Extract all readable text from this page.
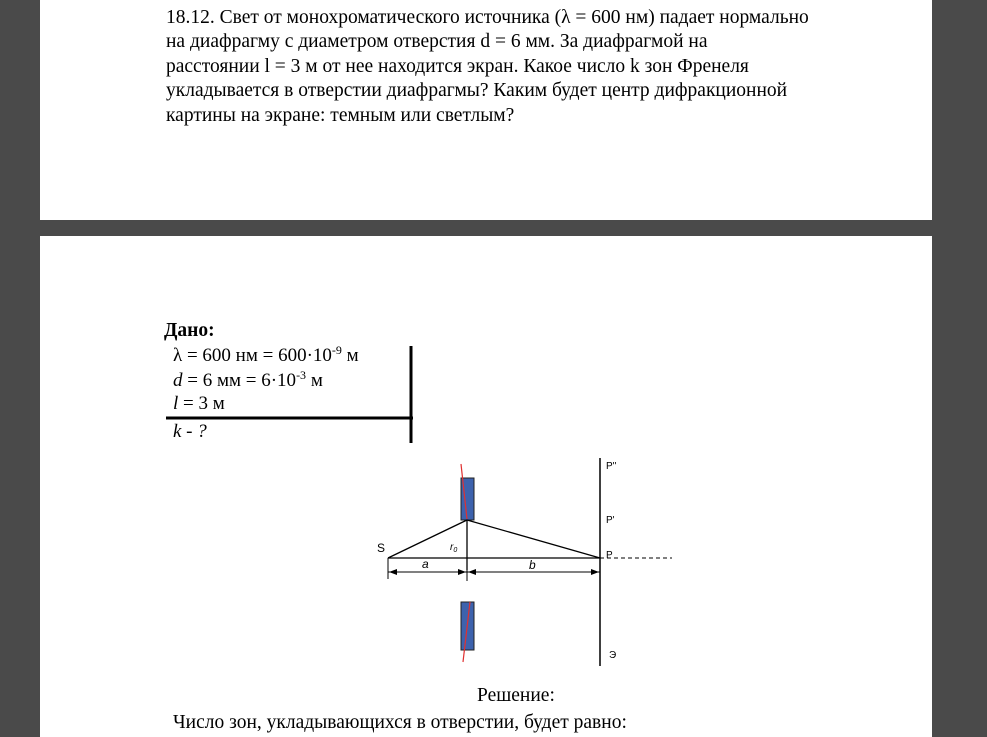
18.12. Свет от монохроматического источника (λ = 600 нм) падает нормально
на диафрагму с диаметром отверстия d = 6 мм. За диафрагмой на
расстоянии l = 3 м от нее находится экран. Какое число k зон Френеля
укладывается в отверстии диафрагмы? Каким будет центр дифракционной
картины на экране: темным или светлым?
Дано:
λ = 600 нм = $600\cdot 10^{-9}$ м
d = 6 мм = $6\cdot 10^{-3}$ м
l = 3 м
k - ?
S	$r_0$
a	b
P
P'
P''
Э
Решение:
Число зон, укладывающихся в отверстии, будет равно:
